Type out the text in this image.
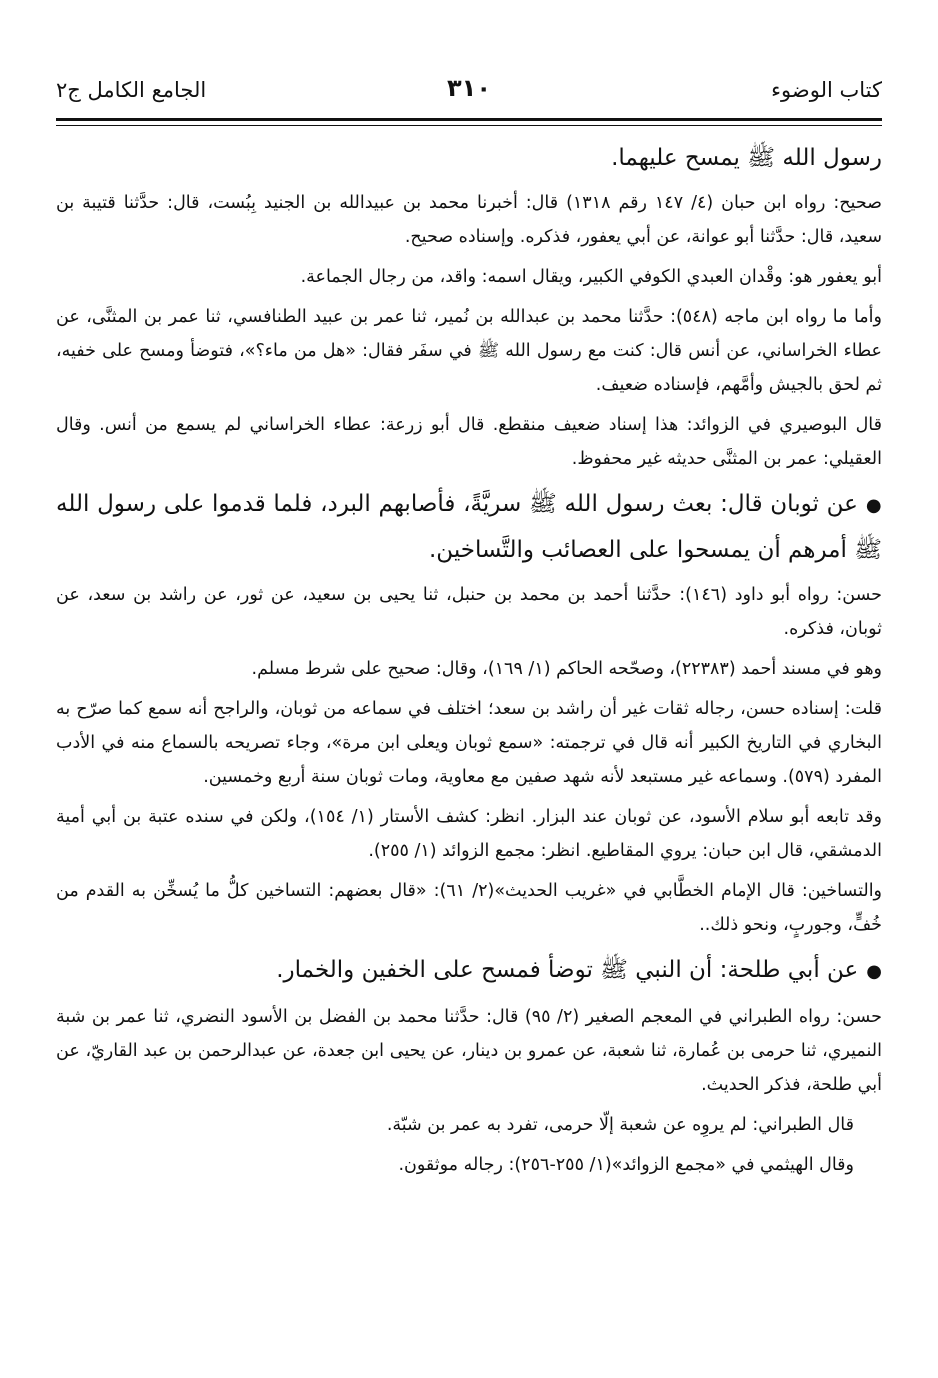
كتاب الوضوء
٣١٠
الجامع الكامل ج٢

رسول الله ﷺ يمسح عليهما.

صحيح: رواه ابن حبان (٤/ ١٤٧ رقم ١٣١٨) قال: أخبرنا محمد بن عبيدالله بن الجنيد بِبُست، قال: حدَّثنا قتيبة بن سعيد، قال: حدَّثنا أبو عوانة، عن أبي يعفور، فذكره. وإسناده صحيح.

أبو يعفور هو: وقْدان العبدي الكوفي الكبير، ويقال اسمه: واقد، من رجال الجماعة.

وأما ما رواه ابن ماجه (٥٤٨): حدَّثنا محمد بن عبدالله بن نُمير، ثنا عمر بن عبيد الطنافسي، ثنا عمر بن المثنَّى، عن عطاء الخراساني، عن أنس قال: كنت مع رسول الله ﷺ في سفَر فقال: «هل من ماء؟»، فتوضأ ومسح على خفيه، ثم لحق بالجيش وأمَّهم، فإسناده ضعيف.

قال البوصيري في الزوائد: هذا إسناد ضعيف منقطع. قال أبو زرعة: عطاء الخراساني لم يسمع من أنس. وقال العقيلي: عمر بن المثنَّى حديثه غير محفوظ.

●عن ثوبان قال: بعث رسول الله ﷺ سريَّةً، فأصابهم البرد، فلما قدموا على رسول الله ﷺ أمرهم أن يمسحوا على العصائب والتَّساخين.

حسن: رواه أبو داود (١٤٦): حدَّثنا أحمد بن محمد بن حنبل، ثنا يحيى بن سعيد، عن ثور، عن راشد بن سعد، عن ثوبان، فذكره.

وهو في مسند أحمد (٢٢٣٨٣)، وصحّحه الحاكم (١/ ١٦٩)، وقال: صحيح على شرط مسلم.

قلت: إسناده حسن، رجاله ثقات غير أن راشد بن سعد؛ اختلف في سماعه من ثوبان، والراجح أنه سمع كما صرّح به البخاري في التاريخ الكبير أنه قال في ترجمته: «سمع ثوبان ويعلى ابن مرة»، وجاء تصريحه بالسماع منه في الأدب المفرد (٥٧٩). وسماعه غير مستبعد لأنه شهد صفين مع معاوية، ومات ثوبان سنة أربع وخمسين.

وقد تابعه أبو سلام الأسود، عن ثوبان عند البزار. انظر: كشف الأستار (١/ ١٥٤)، ولكن في سنده عتبة بن أبي أمية الدمشقي، قال ابن حبان: يروي المقاطيع. انظر: مجمع الزوائد (١/ ٢٥٥).

والتساخين: قال الإمام الخطَّابي في «غريب الحديث»(٢/ ٦١): «قال بعضهم: التساخين كلُّ ما يُسخِّن به القدم من خُفٍّ، وجوربٍ، ونحو ذلك..

●عن أبي طلحة: أن النبي ﷺ توضأ فمسح على الخفين والخمار.

حسن: رواه الطبراني في المعجم الصغير (٢/ ٩٥) قال: حدَّثنا محمد بن الفضل بن الأسود النضري، ثنا عمر بن شبة النميري، ثنا حرمى بن عُمارة، ثنا شعبة، عن عمرو بن دينار، عن يحيى ابن جعدة، عن عبدالرحمن بن عبد القاريّ، عن أبي طلحة، فذكر الحديث.

قال الطبراني: لم يروِه عن شعبة إلّا حرمى، تفرد به عمر بن شبّة.

وقال الهيثمي في «مجمع الزوائد»(١/ ٢٥٥-٢٥٦): رجاله موثقون.
